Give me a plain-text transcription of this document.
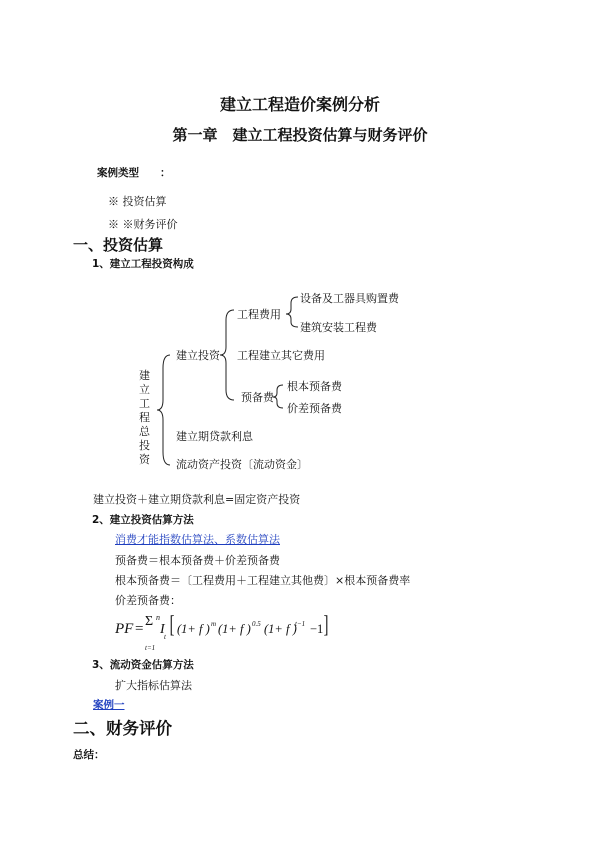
建立工程造价案例分析
第一章　建立工程投资估算与财务评价
案例类型　　：
※ 投资估算
※ ※财务评价
一、投资估算
1、建立工程投资构成
建立工程总投资
建立投资
工程费用
设备及工器具购置费
建筑安装工程费
工程建立其它费用
预备费
根本预备费
价差预备费
建立期贷款利息
流动资产投资〔流动资金〕
建立投资＋建立期贷款利息=固定资产投资
2、建立投资估算方法
消费才能指数估算法、系数估算法
预备费＝根本预备费＋价差预备费
根本预备费＝〔工程费用＋工程建立其他费〕×根本预备费率
价差预备费：
PF = Σ n
t=1
I t [ (1+ f ) m (1+ f ) 0.5 (1+ f )
t−1 −1 ]
3、流动资金估算方法
扩大指标估算法
案例一
二、财务评价
总结：
